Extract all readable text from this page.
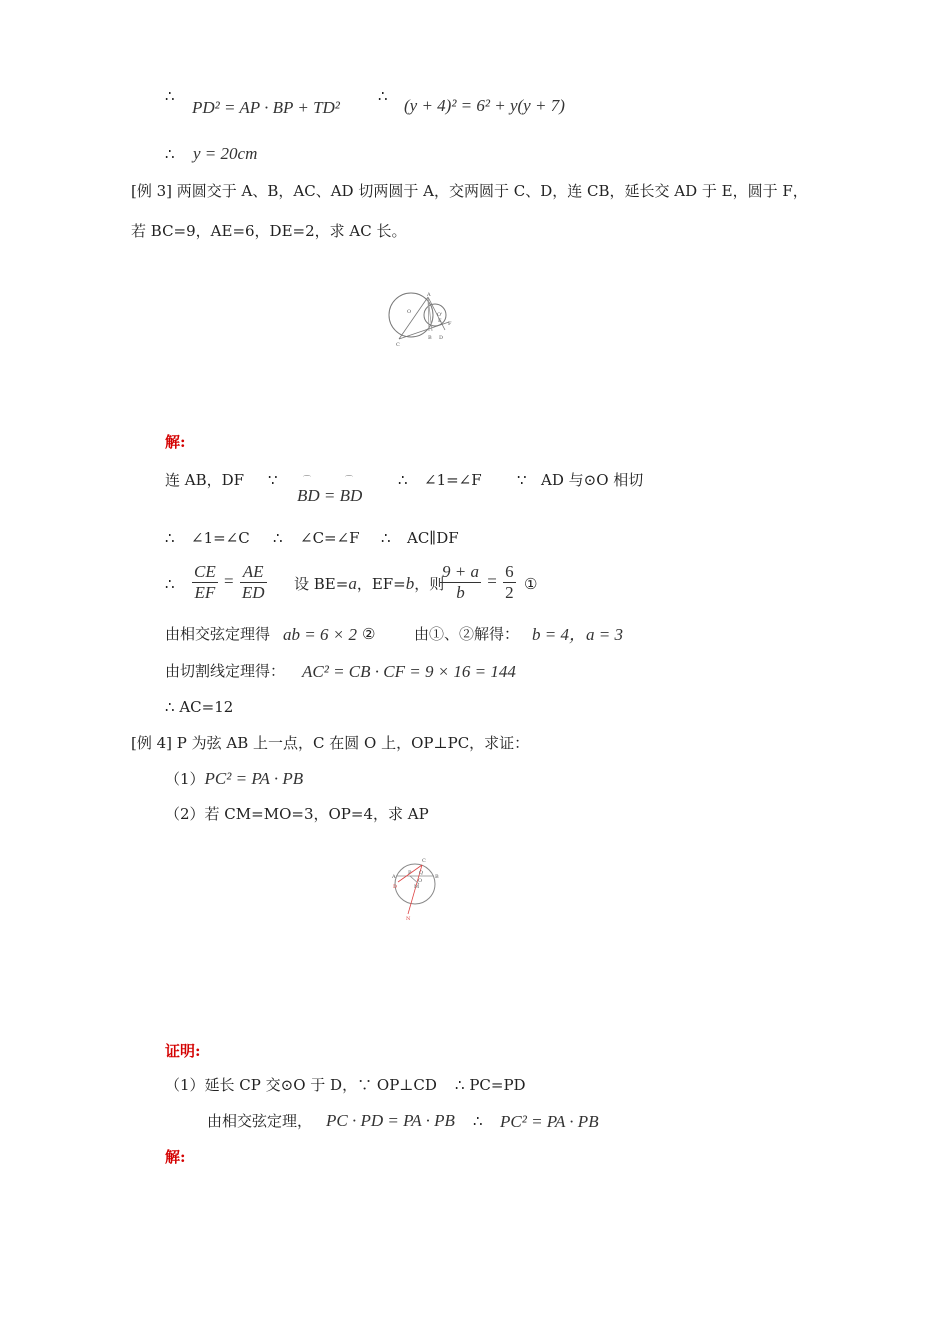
∴
PD² = AP · BP + TD²
∴ (y + 4)² = 6² + y(y + 7)
∴ y = 20cm
[例 3] 两圆交于 A、B，AC、AD 切两圆于 A，交两圆于 C、D，连 CB，延长交 AD 于 E，圆于 F，
若 BC=9，AE=6，DE=2，求 AC 长。
A
O	O'
E F
C
B D
解:
连 AB，DF ∵
BD = BD
⌒	⌒	∴ ∠1=∠F ∵ AD 与⊙O 相切
∴ ∠1=∠C ∴ ∠C=∠F ∴ AC∥DF
∴ $\frac{CE}{EF} = \frac{AE}{ED}$ 设 BE=a，EF=b，则
$\frac{9 + a}{b} = \frac{6}{2}$ ①
由相交弦定理得 ab = 6 × 2 ②	由①、②解得： b = 4，a = 3
由切割线定理得： AC² = CB · CF = 9 × 16 = 144
∴ AC=12
[例 4] P 为弦 AB 上一点，C 在圆 O 上，OP⊥PC，求证：
（1）PC² = PA · PB
（2）若 CM=MO=3，OP=4，求 AP
C
A
P Q
O
M
B
D
N
证明:
（1）延长 CP 交⊙O 于 D，∵ OP⊥CD ∴ PC=PD
由相交弦定理， PC · PD = PA · PB ∴ PC² = PA · PB
解:
